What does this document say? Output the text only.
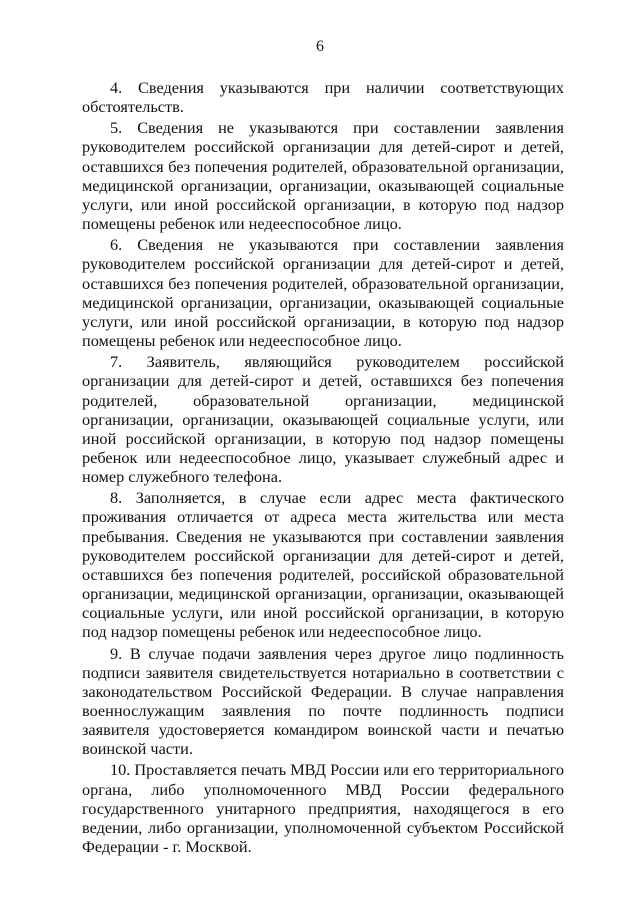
6

4. Сведения указываются при наличии соответствующих обстоятельств.

5. Сведения не указываются при составлении заявления руководителем российской организации для детей-сирот и детей, оставшихся без попечения родителей, образовательной организации, медицинской организации, организации, оказывающей социальные услуги, или иной российской организации, в которую под надзор помещены ребенок или недееспособное лицо.

6. Сведения не указываются при составлении заявления руководителем российской организации для детей-сирот и детей, оставшихся без попечения родителей, образовательной организации, медицинской организации, организации, оказывающей социальные услуги, или иной российской организации, в которую под надзор помещены ребенок или недееспособное лицо.

7. Заявитель, являющийся руководителем российской организации для детей-сирот и детей, оставшихся без попечения родителей, образовательной организации, медицинской организации, организации, оказывающей социальные услуги, или иной российской организации, в которую под надзор помещены ребенок или недееспособное лицо, указывает служебный адрес и номер служебного телефона.

8. Заполняется, в случае если адрес места фактического проживания отличается от адреса места жительства или места пребывания. Сведения не указываются при составлении заявления руководителем российской организации для детей-сирот и детей, оставшихся без попечения родителей, российской образовательной организации, медицинской организации, организации, оказывающей социальные услуги, или иной российской организации, в которую под надзор помещены ребенок или недееспособное лицо.

9. В случае подачи заявления через другое лицо подлинность подписи заявителя свидетельствуется нотариально в соответствии с законодательством Российской Федерации. В случае направления военнослужащим заявления по почте подлинность подписи заявителя удостоверяется командиром воинской части и печатью воинской части.

10. Проставляется печать МВД России или его территориального органа, либо уполномоченного МВД России федерального государственного унитарного предприятия, находящегося в его ведении, либо организации, уполномоченной субъектом Российской Федерации - г. Москвой.
